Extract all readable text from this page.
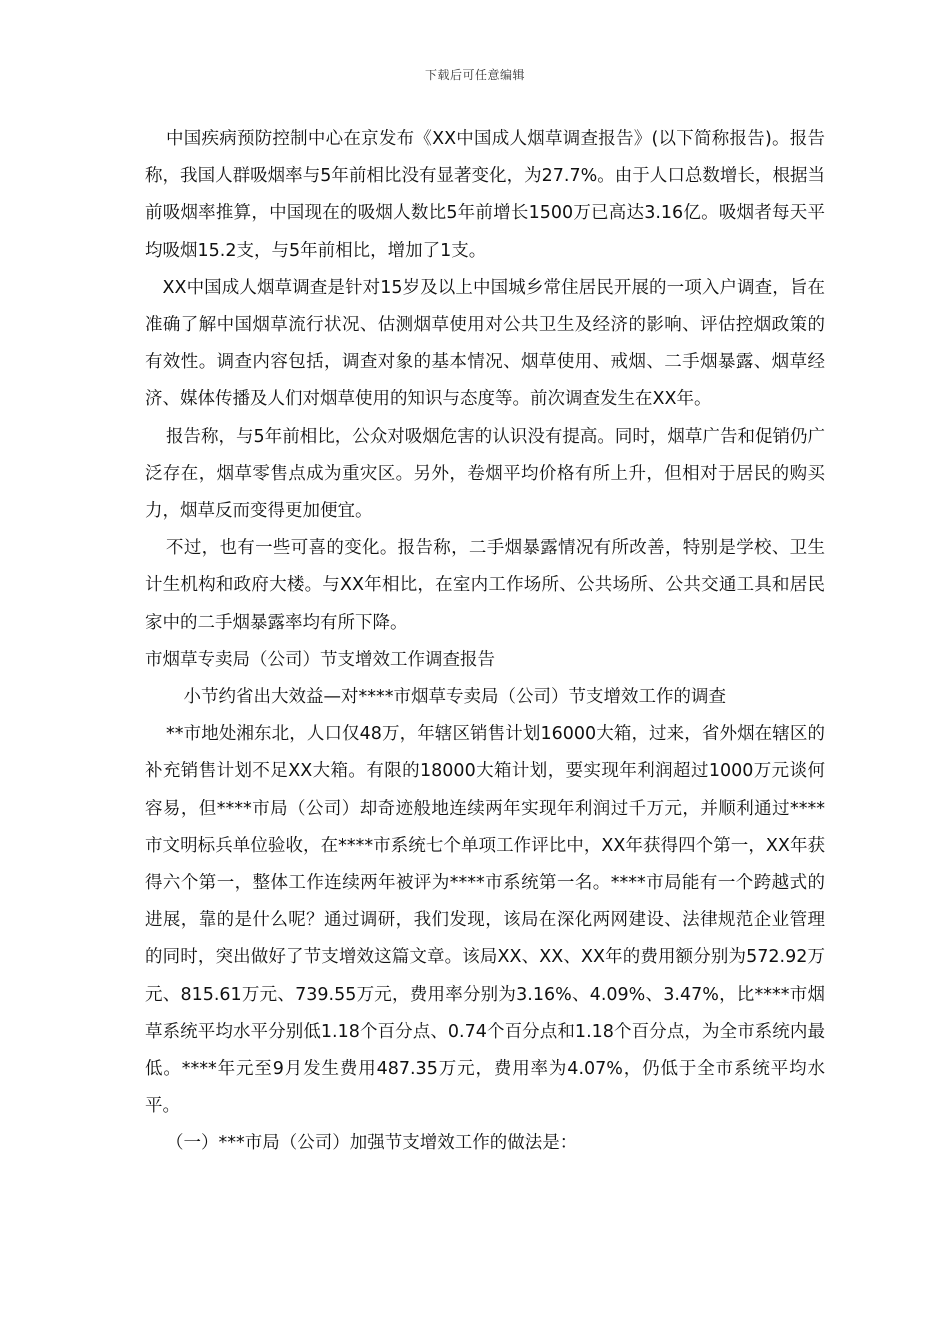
下载后可任意编辑

中国疾病预防控制中心在京发布《XX中国成人烟草调查报告》(以下简称报告)。报告称，我国人群吸烟率与5年前相比没有显著变化，为27.7%。由于人口总数增长，根据当前吸烟率推算，中国现在的吸烟人数比5年前增长1500万已高达3.16亿。吸烟者每天平均吸烟15.2支，与5年前相比，增加了1支。

XX中国成人烟草调查是针对15岁及以上中国城乡常住居民开展的一项入户调查，旨在准确了解中国烟草流行状况、估测烟草使用对公共卫生及经济的影响、评估控烟政策的有效性。调查内容包括，调查对象的基本情况、烟草使用、戒烟、二手烟暴露、烟草经济、媒体传播及人们对烟草使用的知识与态度等。前次调查发生在XX年。

报告称，与5年前相比，公众对吸烟危害的认识没有提高。同时，烟草广告和促销仍广泛存在，烟草零售点成为重灾区。另外，卷烟平均价格有所上升，但相对于居民的购买力，烟草反而变得更加便宜。

不过，也有一些可喜的变化。报告称，二手烟暴露情况有所改善，特别是学校、卫生计生机构和政府大楼。与XX年相比，在室内工作场所、公共场所、公共交通工具和居民家中的二手烟暴露率均有所下降。

市烟草专卖局（公司）节支增效工作调查报告

小节约省出大效益—对****市烟草专卖局（公司）节支增效工作的调查

**市地处湘东北，人口仅48万，年辖区销售计划16000大箱，过来，省外烟在辖区的补充销售计划不足XX大箱。有限的18000大箱计划，要实现年利润超过1000万元谈何容易，但****市局（公司）却奇迹般地连续两年实现年利润过千万元，并顺利通过****市文明标兵单位验收，在****市系统七个单项工作评比中，XX年获得四个第一，XX年获得六个第一，整体工作连续两年被评为****市系统第一名。****市局能有一个跨越式的进展，靠的是什么呢？通过调研，我们发现，该局在深化两网建设、法律规范企业管理的同时，突出做好了节支增效这篇文章。该局XX、XX、XX年的费用额分别为572.92万元、815.61万元、739.55万元，费用率分别为3.16%、4.09%、3.47%，比****市烟草系统平均水平分别低1.18个百分点、0.74个百分点和1.18个百分点，为全市系统内最低。****年元至9月发生费用487.35万元，费用率为4.07%，仍低于全市系统平均水平。

（一）***市局（公司）加强节支增效工作的做法是：
